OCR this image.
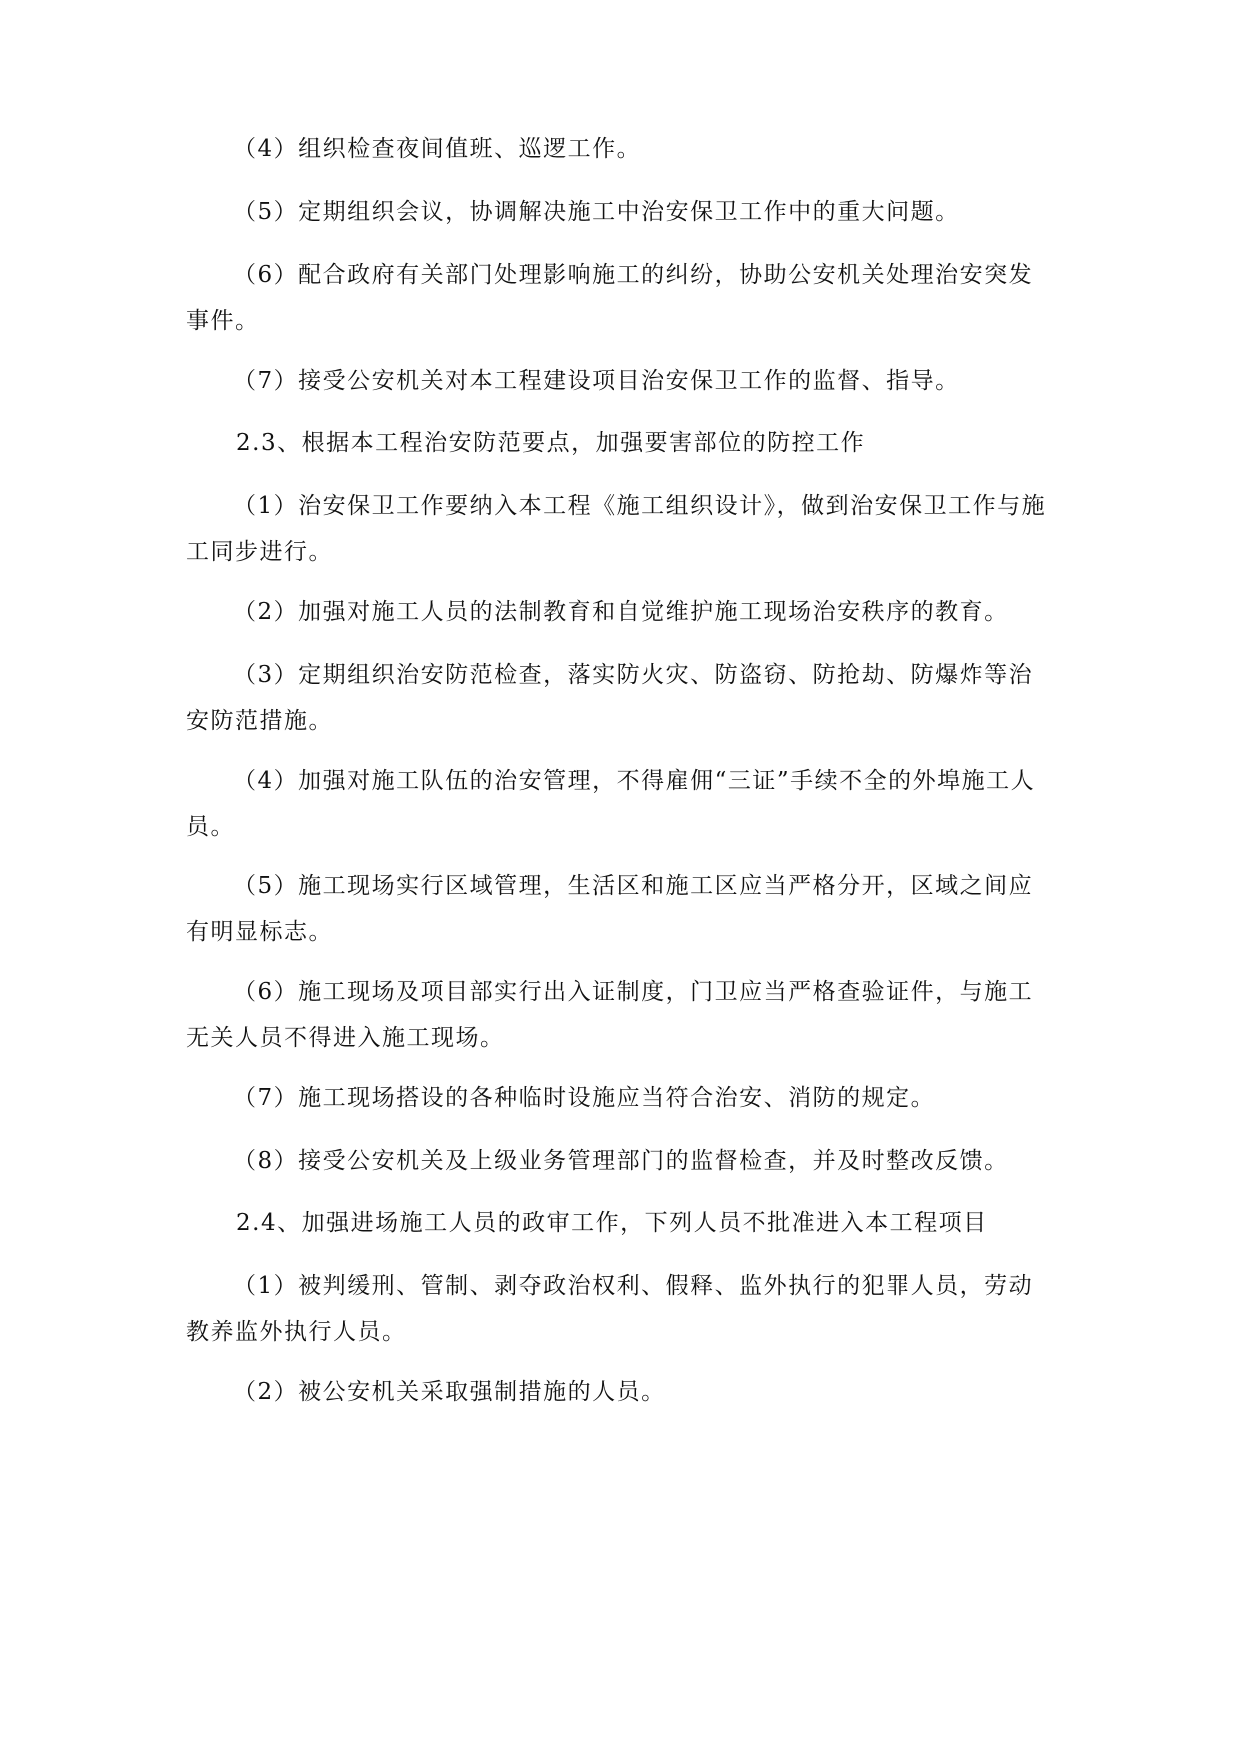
（4）组织检查夜间值班、巡逻工作。

（5）定期组织会议，协调解决施工中治安保卫工作中的重大问题。

（6）配合政府有关部门处理影响施工的纠纷，协助公安机关处理治安突发事件。

（7）接受公安机关对本工程建设项目治安保卫工作的监督、指导。

2.3、根据本工程治安防范要点，加强要害部位的防控工作

（1）治安保卫工作要纳入本工程《施工组织设计》，做到治安保卫工作与施工同步进行。

（2）加强对施工人员的法制教育和自觉维护施工现场治安秩序的教育。

（3）定期组织治安防范检查，落实防火灾、防盗窃、防抢劫、防爆炸等治安防范措施。

（4）加强对施工队伍的治安管理，不得雇佣“三证”手续不全的外埠施工人员。

（5）施工现场实行区域管理，生活区和施工区应当严格分开，区域之间应有明显标志。

（6）施工现场及项目部实行出入证制度，门卫应当严格查验证件，与施工无关人员不得进入施工现场。

（7）施工现场搭设的各种临时设施应当符合治安、消防的规定。

（8）接受公安机关及上级业务管理部门的监督检查，并及时整改反馈。

2.4、加强进场施工人员的政审工作，下列人员不批准进入本工程项目

（1）被判缓刑、管制、剥夺政治权利、假释、监外执行的犯罪人员，劳动教养监外执行人员。

（2）被公安机关采取强制措施的人员。
